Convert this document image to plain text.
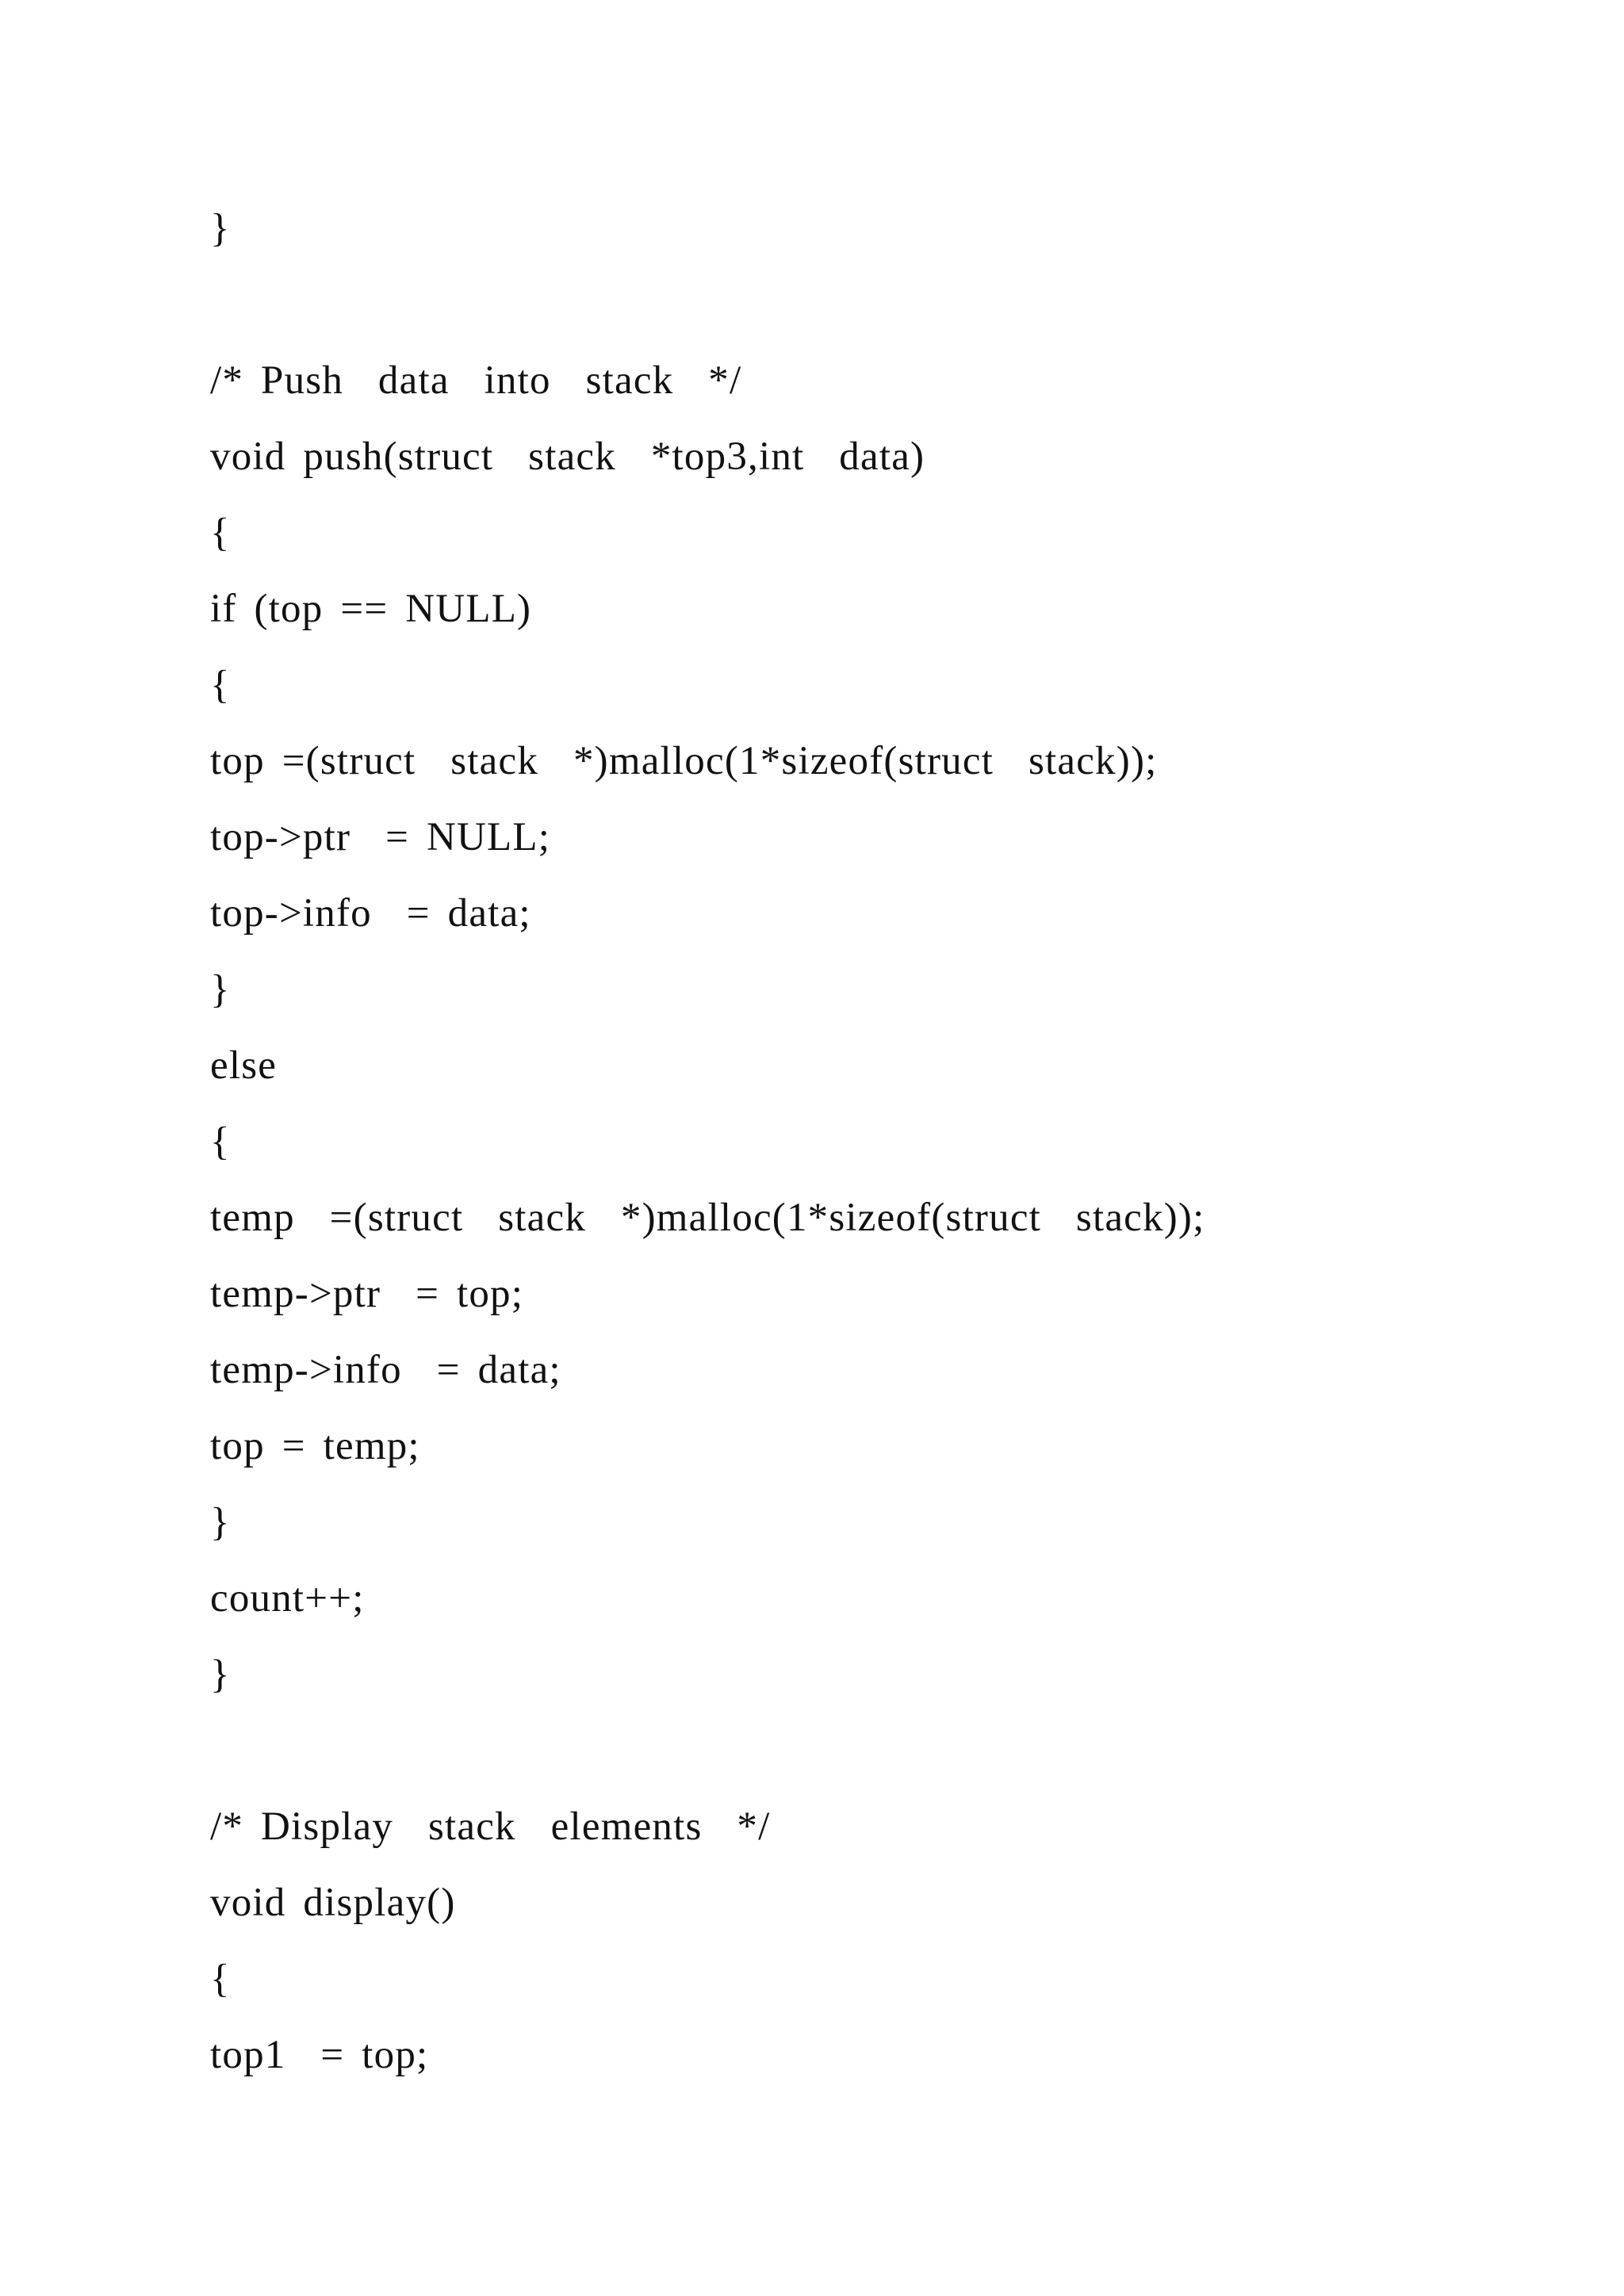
}
/* Push  data  into  stack  */
void push(struct  stack  *top3,int  data)
{
if (top == NULL)
{
top =(struct  stack  *)malloc(1*sizeof(struct  stack));
top->ptr  = NULL;
top->info  = data;
}
else
{
temp  =(struct  stack  *)malloc(1*sizeof(struct  stack));
temp->ptr  = top;
temp->info  = data;
top = temp;
}
count++;
}
/* Display  stack  elements  */
void display()
{
top1  = top;
